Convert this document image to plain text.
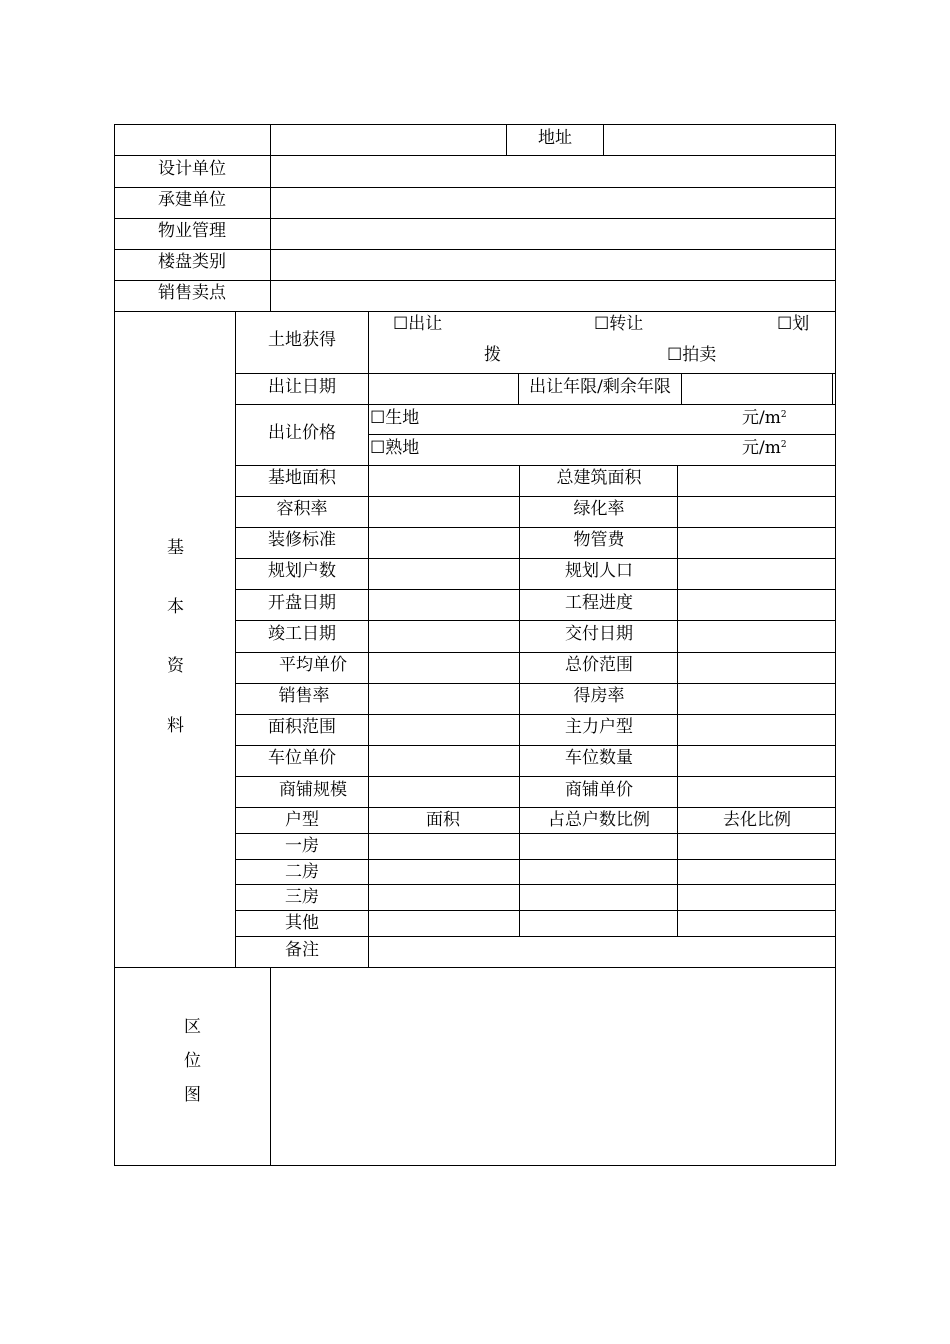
地址
设计单位
承建单位
物业管理
楼盘类别
销售卖点
基
本
资
料
土地获得
☐出让	☐转让	☐划
拨	☐拍卖
出让日期	出让年限/剩余年限
出让价格
☐生地	元$/m^2$
☐熟地	元$/m^2$
基地面积	总建筑面积
容积率	绿化率
装修标准	物管费
规划户数	规划人口
开盘日期	工程进度
竣工日期	交付日期
平均单价	总价范围
销售率	得房率
面积范围	主力户型
车位单价	车位数量
商铺规模	商铺单价
户型	面积	占总户数比例	去化比例
一房
二房
三房
其他
备注
区
位
图
